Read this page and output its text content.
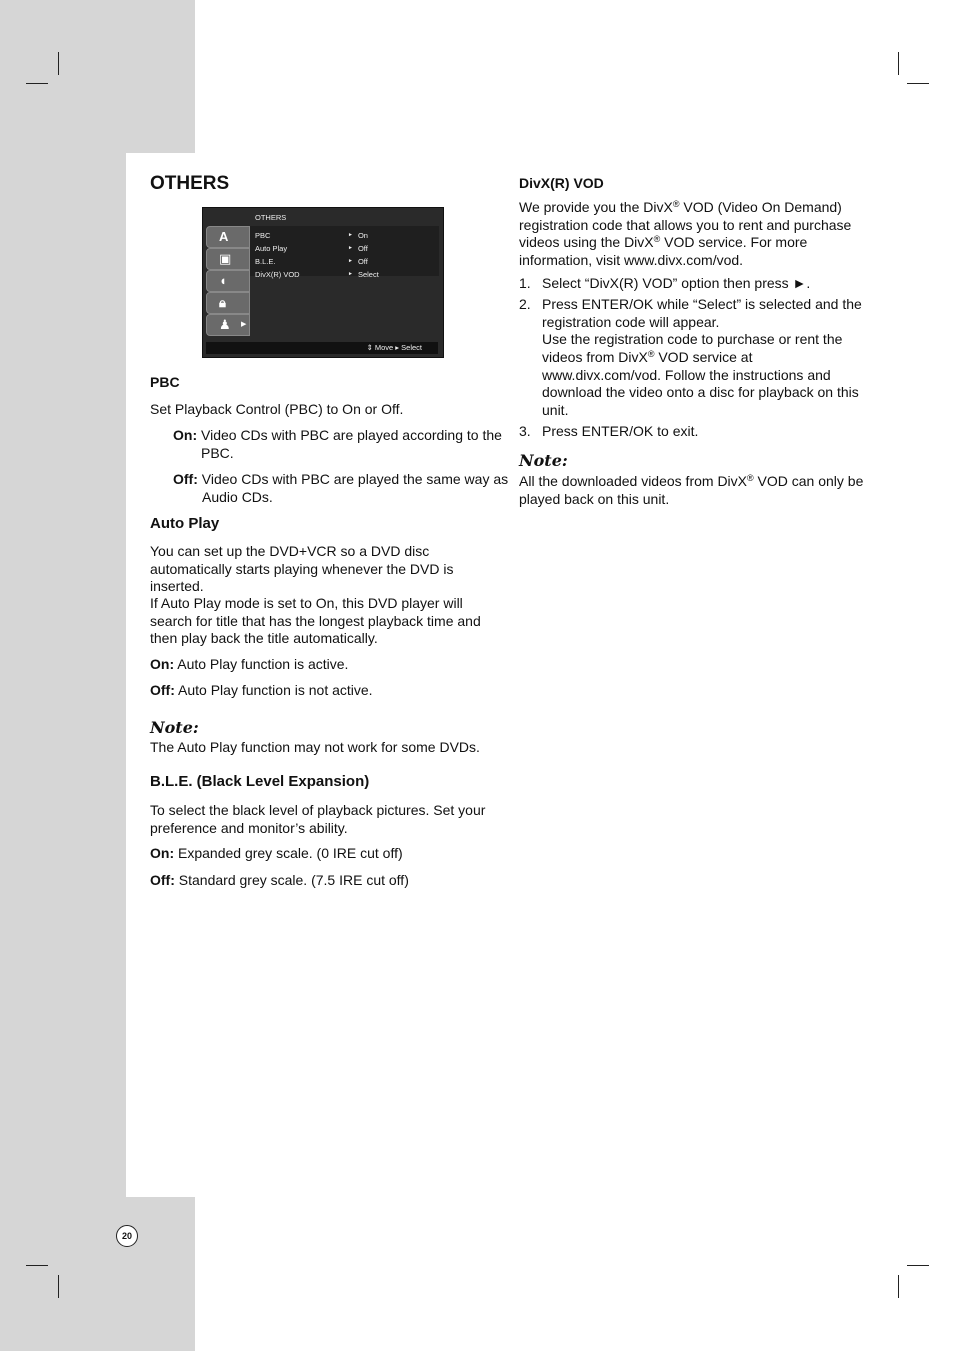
OTHERS
OTHERS
A
▣
◖
🔒︎
♟ ▶
PBC
Auto Play
B.L.E.
DivX(R) VOD
► On
► Off
► Off
► Select
⇕ Move ▸ Select
PBC
Set Playback Control (PBC) to On or Off.
On: Video CDs with PBC are played according to the PBC.
Off: Video CDs with PBC are played the same way as Audio CDs.
Auto Play
You can set up the DVD+VCR so a DVD disc automatically starts playing whenever the DVD is inserted.
If Auto Play mode is set to On, this DVD player will search for title that has the longest playback time and then play back the title automatically.
On: Auto Play function is active.
Off: Auto Play function is not active.
Note:
The Auto Play function may not work for some DVDs.
B.L.E. (Black Level Expansion)
To select the black level of playback pictures. Set your preference and monitor’s ability.
On: Expanded grey scale. (0 IRE cut off)
Off: Standard grey scale. (7.5 IRE cut off)
DivX(R) VOD
We provide you the DivX® VOD (Video On Demand) registration code that allows you to rent and purchase videos using the DivX® VOD service. For more information, visit www.divx.com/vod.
1. Select “DivX(R) VOD” option then press ►.
2. Press ENTER/OK while “Select” is selected and the registration code will appear.
Use the registration code to purchase or rent the videos from DivX® VOD service at www.divx.com/vod. Follow the instructions and download the video onto a disc for playback on this unit.
3. Press ENTER/OK to exit.
Note:
All the downloaded videos from DivX® VOD can only be played back on this unit.
20
